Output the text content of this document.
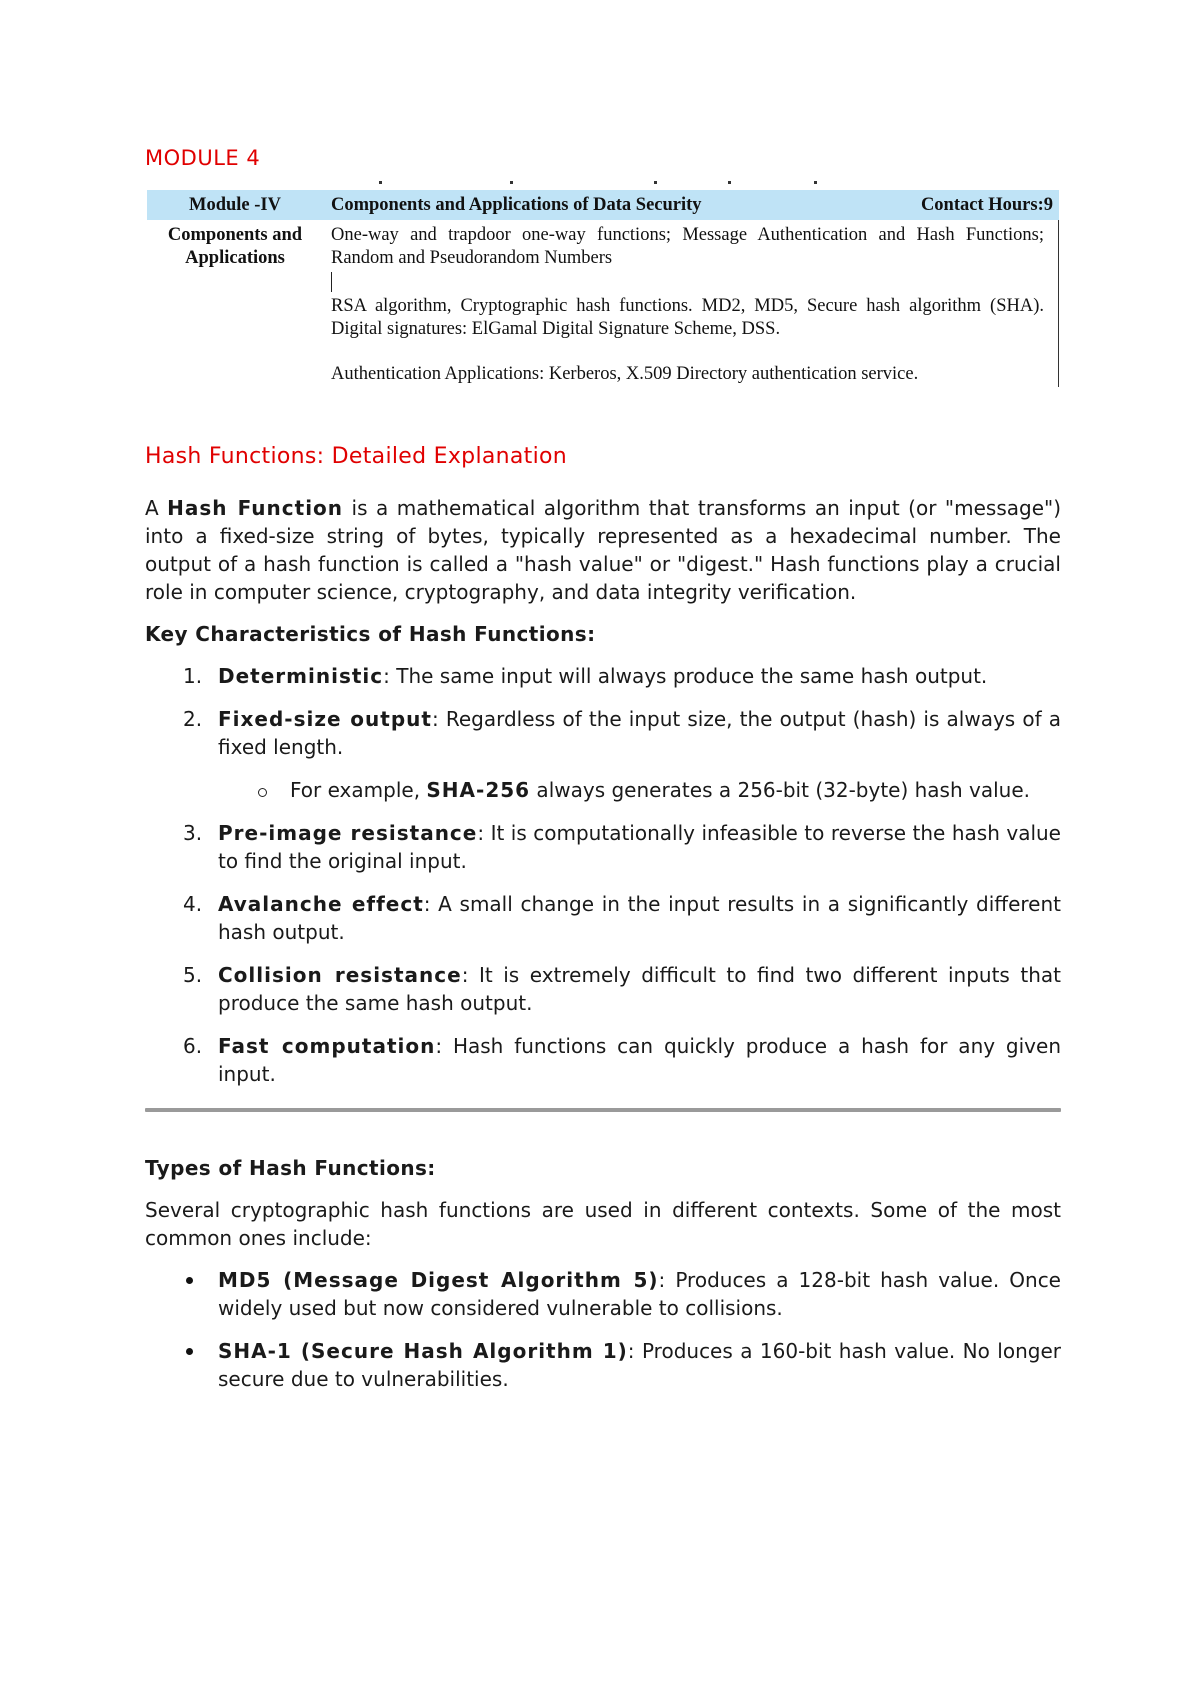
MODULE 4
Module -IV	Components and Applications of Data Security	Contact Hours:9
Components and Applications

One-way and trapdoor one-way functions; Message Authentication and Hash Functions; Random and Pseudorandom Numbers

RSA algorithm, Cryptographic hash functions. MD2, MD5, Secure hash algorithm (SHA). Digital signatures: ElGamal Digital Signature Scheme, DSS.

Authentication Applications: Kerberos, X.509 Directory authentication service.

Hash Functions: Detailed Explanation

A Hash Function is a mathematical algorithm that transforms an input (or "message") into a fixed-size string of bytes, typically represented as a hexadecimal number. The output of a hash function is called a "hash value" or "digest." Hash functions play a crucial role in computer science, cryptography, and data integrity verification.

Key Characteristics of Hash Functions:
1. Deterministic: The same input will always produce the same hash output.
2. Fixed-size output: Regardless of the input size, the output (hash) is always of a fixed length.
For example, SHA-256 always generates a 256-bit (32-byte) hash value.
3. Pre-image resistance: It is computationally infeasible to reverse the hash value to find the original input.
4. Avalanche effect: A small change in the input results in a significantly different hash output.
5. Collision resistance: It is extremely difficult to find two different inputs that produce the same hash output.
6. Fast computation: Hash functions can quickly produce a hash for any given input.
Types of Hash Functions:

Several cryptographic hash functions are used in different contexts. Some of the most common ones include:

MD5 (Message Digest Algorithm 5): Produces a 128-bit hash value. Once widely used but now considered vulnerable to collisions.
SHA-1 (Secure Hash Algorithm 1): Produces a 160-bit hash value. No longer secure due to vulnerabilities.
